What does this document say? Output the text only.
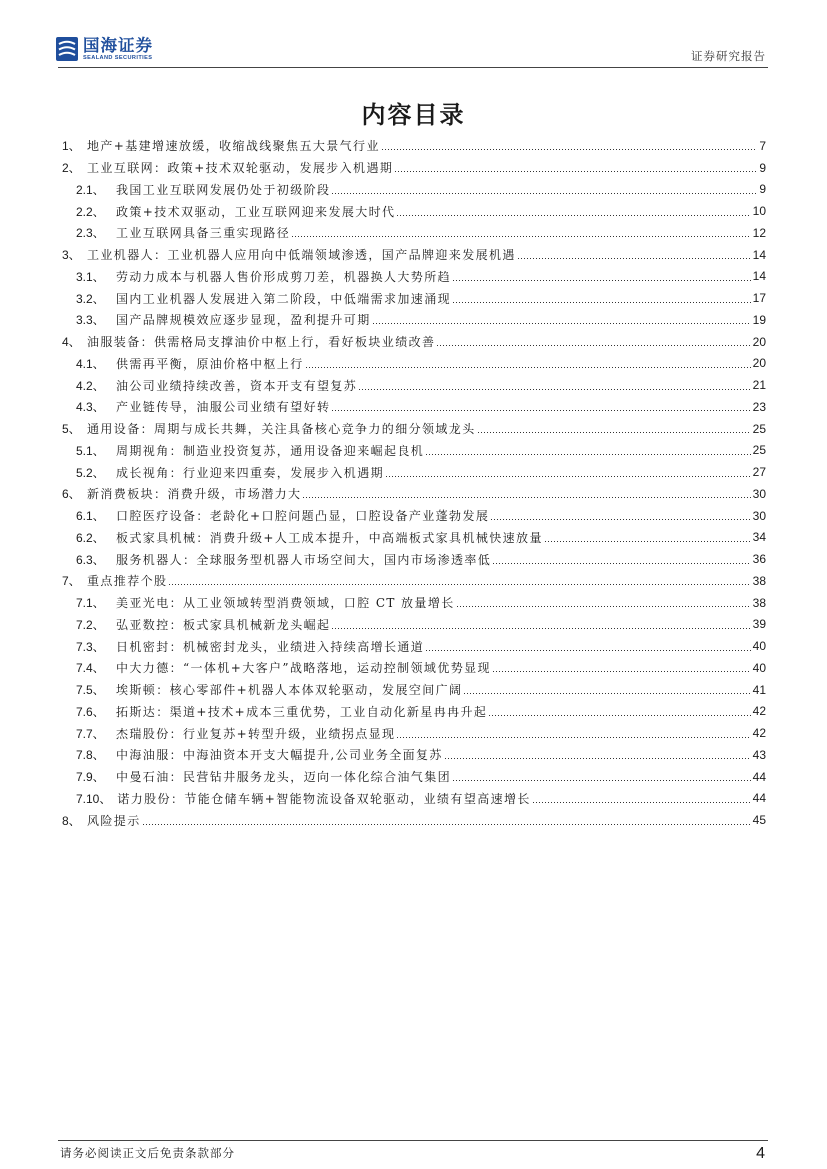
国海证券
SEALAND SECURITIES	证券研究报告
内容目录
1、 地产+基建增速放缓，收缩战线聚焦五大景气行业	7
2、 工业互联网：政策+技术双轮驱动，发展步入机遇期	9
2.1、 我国工业互联网发展仍处于初级阶段	9
2.2、 政策+技术双驱动，工业互联网迎来发展大时代	10
2.3、 工业互联网具备三重实现路径	12
3、 工业机器人：工业机器人应用向中低端领域渗透，国产品牌迎来发展机遇	14
3.1、 劳动力成本与机器人售价形成剪刀差，机器换人大势所趋	14
3.2、 国内工业机器人发展进入第二阶段，中低端需求加速涌现	17
3.3、 国产品牌规模效应逐步显现，盈利提升可期	19
4、 油服装备：供需格局支撑油价中枢上行，看好板块业绩改善	20
4.1、 供需再平衡，原油价格中枢上行	20
4.2、 油公司业绩持续改善，资本开支有望复苏	21
4.3、 产业链传导，油服公司业绩有望好转	23
5、 通用设备：周期与成长共舞，关注具备核心竞争力的细分领域龙头	25
5.1、 周期视角：制造业投资复苏，通用设备迎来崛起良机	25
5.2、 成长视角：行业迎来四重奏，发展步入机遇期	27
6、 新消费板块：消费升级，市场潜力大	30
6.1、 口腔医疗设备：老龄化+口腔问题凸显，口腔设备产业蓬勃发展	30
6.2、 板式家具机械：消费升级+人工成本提升，中高端板式家具机械快速放量	34
6.3、 服务机器人：全球服务型机器人市场空间大，国内市场渗透率低	36
7、 重点推荐个股	38
7.1、 美亚光电：从工业领域转型消费领域，口腔 CT 放量增长	38
7.2、 弘亚数控：板式家具机械新龙头崛起	39
7.3、 日机密封：机械密封龙头，业绩进入持续高增长通道	40
7.4、 中大力德：“一体机+大客户”战略落地，运动控制领域优势显现	40
7.5、 埃斯顿：核心零部件+机器人本体双轮驱动，发展空间广阔	41
7.6、 拓斯达：渠道+技术+成本三重优势，工业自动化新星冉冉升起	42
7.7、 杰瑞股份：行业复苏+转型升级，业绩拐点显现	42
7.8、 中海油服：中海油资本开支大幅提升,公司业务全面复苏	43
7.9、 中曼石油：民营钻井服务龙头，迈向一体化综合油气集团	44
7.10、 诺力股份：节能仓储车辆+智能物流设备双轮驱动，业绩有望高速增长	44
8、 风险提示	45
请务必阅读正文后免责条款部分	4
